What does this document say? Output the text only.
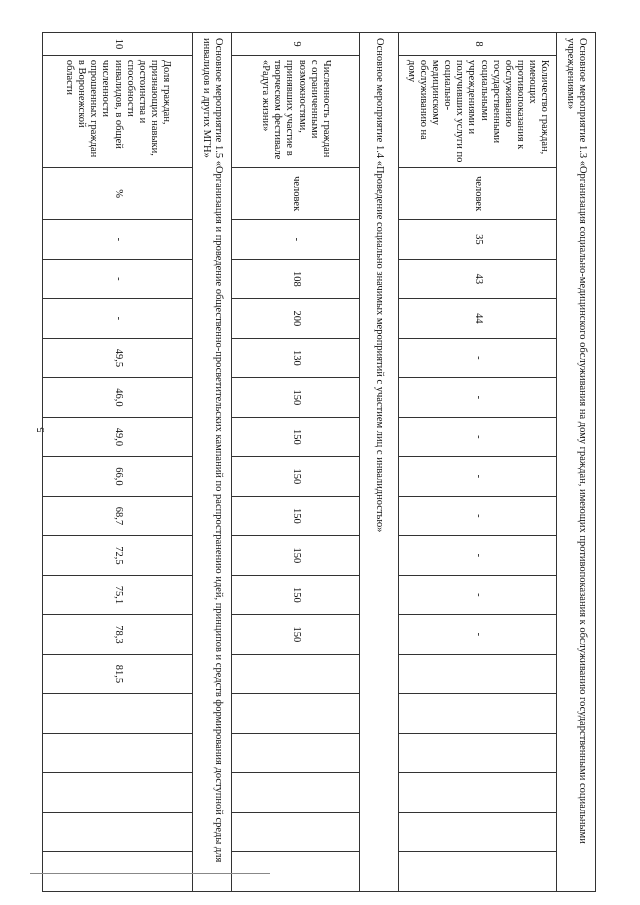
5	Основное мероприятие 1.3 «Организация социально-медицинского обслуживания на дому граждан, имеющих противопоказания к обслуживанию государственными социальными учреждениями»																			
8	Количество граждан, имеющих противопоказания к обслуживанию государственными социальными учреждениями и получивших услуги по социально-медицинскому обслуживанию на дому	человек	35	43	44	-	-	-	-	-	-	-	-						
Основное мероприятие 1.4 «Проведение социально значимых мероприятий с участием лиц с инвалидностью»																			
9	Численность граждан с ограниченными возможностями, принявших участие в творческом фестивале «Радуга жизни»	человек	-	108	200	130	150	150	150	150	150	150	150						
Основное мероприятие 1.5 «Организация и проведение общественно-просветительских кампаний по распространению идей, принципов и средств формирования доступной среды для инвалидов и других МГН»																			
10	Доля граждан, признающих навыки, достоинства и способности инвалидов, в общей численности опрошенных граждан в Воронежской области	%	-	-	-	49,5	46,0	49,0	66,0	68,7	72,5	75,1	78,3	81,5					
